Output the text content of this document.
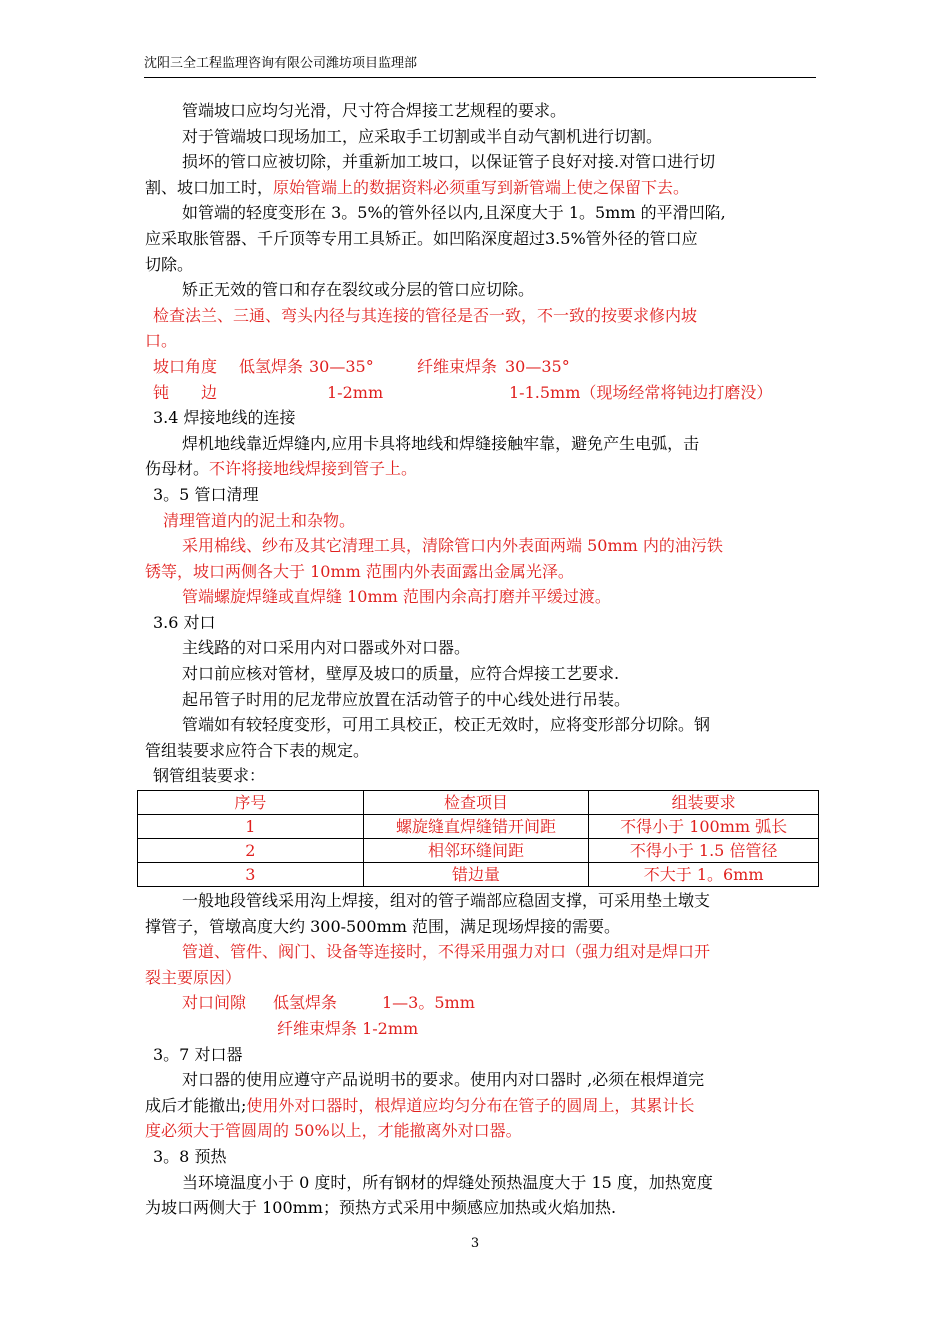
沈阳三全工程监理咨询有限公司潍坊项目监理部

管端坡口应均匀光滑，尺寸符合焊接工艺规程的要求。

对于管端坡口现场加工，应采取手工切割或半自动气割机进行切割。

损坏的管口应被切除，并重新加工坡口，以保证管子良好对接.对管口进行切

割、坡口加工时，原始管端上的数据资料必须重写到新管端上使之保留下去。

如管端的轻度变形在 3。5%的管外径以内,且深度大于 1。5mm 的平滑凹陷,

应采取胀管器、千斤顶等专用工具矫正。如凹陷深度超过3.5%管外径的管口应

切除。

矫正无效的管口和存在裂纹或分层的管口应切除。

检查法兰、三通、弯头内径与其连接的管径是否一致，不一致的按要求修内坡

口。

坡口角度 低氢焊条 30—35°	纤维束焊条 30—35°
钝　　边	1-2mm	1-1.5mm（现场经常将钝边打磨没）

3.4 焊接地线的连接

焊机地线靠近焊缝内,应用卡具将地线和焊缝接触牢靠，避免产生电弧，击

伤母材。不许将接地线焊接到管子上。

3。5 管口清理

清理管道内的泥土和杂物。

采用棉线、纱布及其它清理工具，清除管口内外表面两端 50mm 内的油污铁

锈等，坡口两侧各大于 10mm 范围内外表面露出金属光泽。

管端螺旋焊缝或直焊缝 10mm 范围内余高打磨并平缓过渡。

3.6 对口

主线路的对口采用内对口器或外对口器。

对口前应核对管材，壁厚及坡口的质量，应符合焊接工艺要求.

起吊管子时用的尼龙带应放置在活动管子的中心线处进行吊装。

管端如有较轻度变形，可用工具校正，校正无效时，应将变形部分切除。钢

管组装要求应符合下表的规定。

钢管组装要求：

序号	检查项目	组装要求
1	螺旋缝直焊缝错开间距	不得小于 100mm 弧长
2	相邻环缝间距	不得小于 1.5 倍管径
3	错边量	不大于 1。6mm

一般地段管线采用沟上焊接，组对的管子端部应稳固支撑，可采用垫土墩支

撑管子，管墩高度大约 300-500mm 范围，满足现场焊接的需要。

管道、管件、阀门、设备等连接时，不得采用强力对口（强力组对是焊口开

裂主要原因）

对口间隙 低氢焊条	1—3。5mm
纤维束焊条 1-2mm

3。7 对口器

对口器的使用应遵守产品说明书的要求。使用内对口器时 ,必须在根焊道完

成后才能撤出;使用外对口器时，根焊道应均匀分布在管子的圆周上，其累计长

度必须大于管圆周的 50%以上，才能撤离外对口器。

3。8 预热

当环境温度小于 0 度时，所有钢材的焊缝处预热温度大于 15 度，加热宽度

为坡口两侧大于 100mm；预热方式采用中频感应加热或火焰加热.

3
